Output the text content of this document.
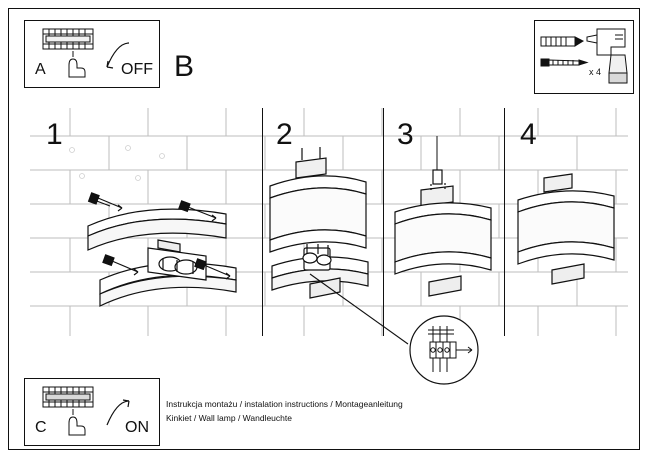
1	2	3	4
A	OFF B
C	ON
x 4
Instrukcja montażu / instalation instructions / Montageanleitung
Kinkiet / Wall lamp / Wandleuchte
